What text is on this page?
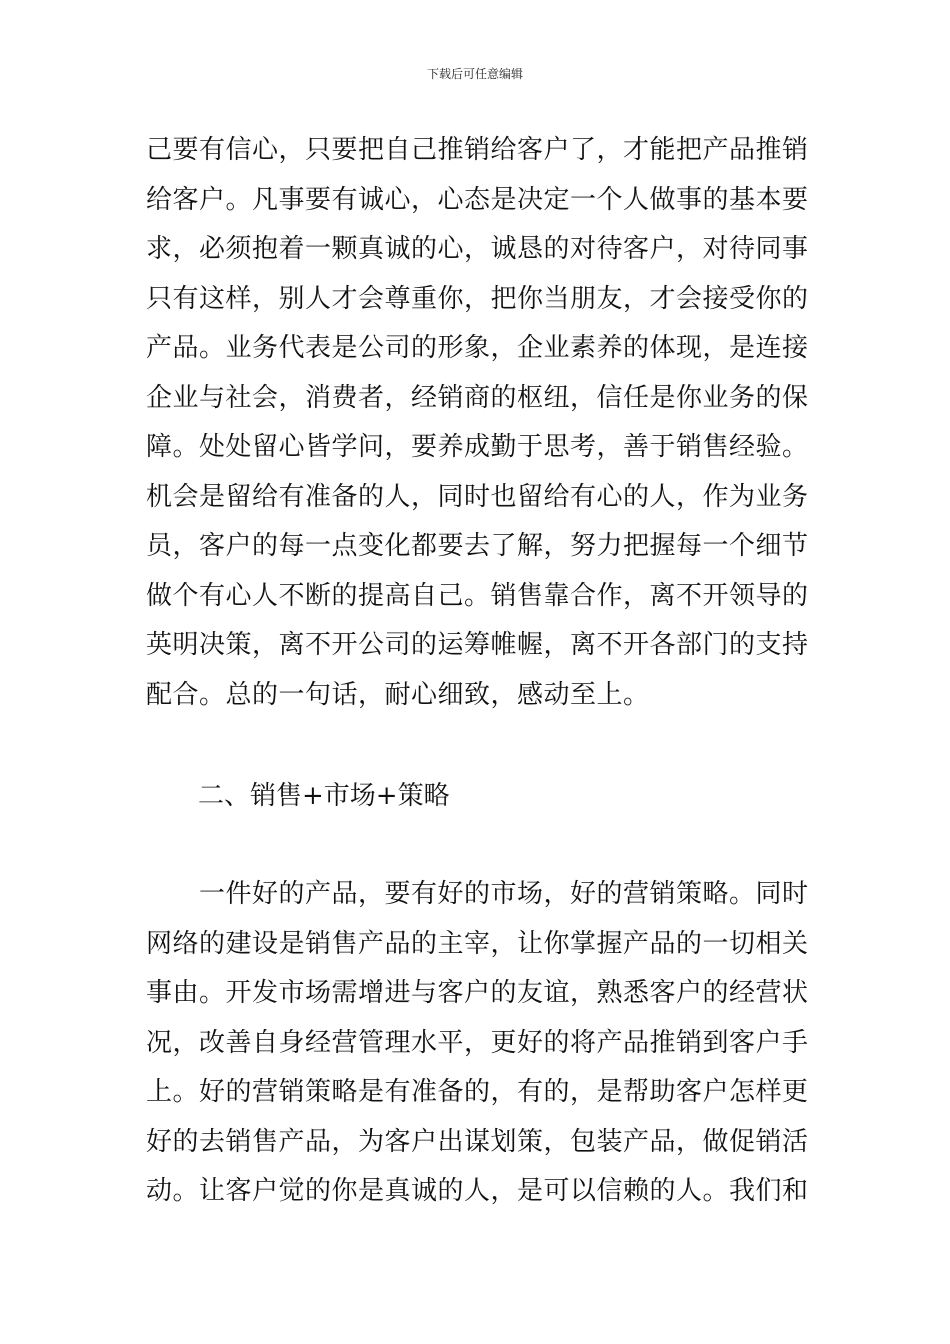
下载后可任意编辑
己要有信心，只要把自己推销给客户了，才能把产品推销
给客户。凡事要有诚心，心态是决定一个人做事的基本要
求，必须抱着一颗真诚的心，诚恳的对待客户，对待同事
只有这样，别人才会尊重你，把你当朋友，才会接受你的
产品。业务代表是公司的形象，企业素养的体现，是连接
企业与社会，消费者，经销商的枢纽，信任是你业务的保
障。处处留心皆学问，要养成勤于思考，善于销售经验。
机会是留给有准备的人，同时也留给有心的人，作为业务
员，客户的每一点变化都要去了解，努力把握每一个细节
做个有心人不断的提高自己。销售靠合作，离不开领导的
英明决策，离不开公司的运筹帷幄，离不开各部门的支持
配合。总的一句话，耐心细致，感动至上。
二、销售+市场+策略
　　一件好的产品，要有好的市场，好的营销策略。同时
网络的建设是销售产品的主宰，让你掌握产品的一切相关
事由。开发市场需增进与客户的友谊，熟悉客户的经营状
况，改善自身经营管理水平，更好的将产品推销到客户手
上。好的营销策略是有准备的，有的，是帮助客户怎样更
好的去销售产品，为客户出谋划策，包装产品，做促销活
动。让客户觉的你是真诚的人，是可以信赖的人。我们和
